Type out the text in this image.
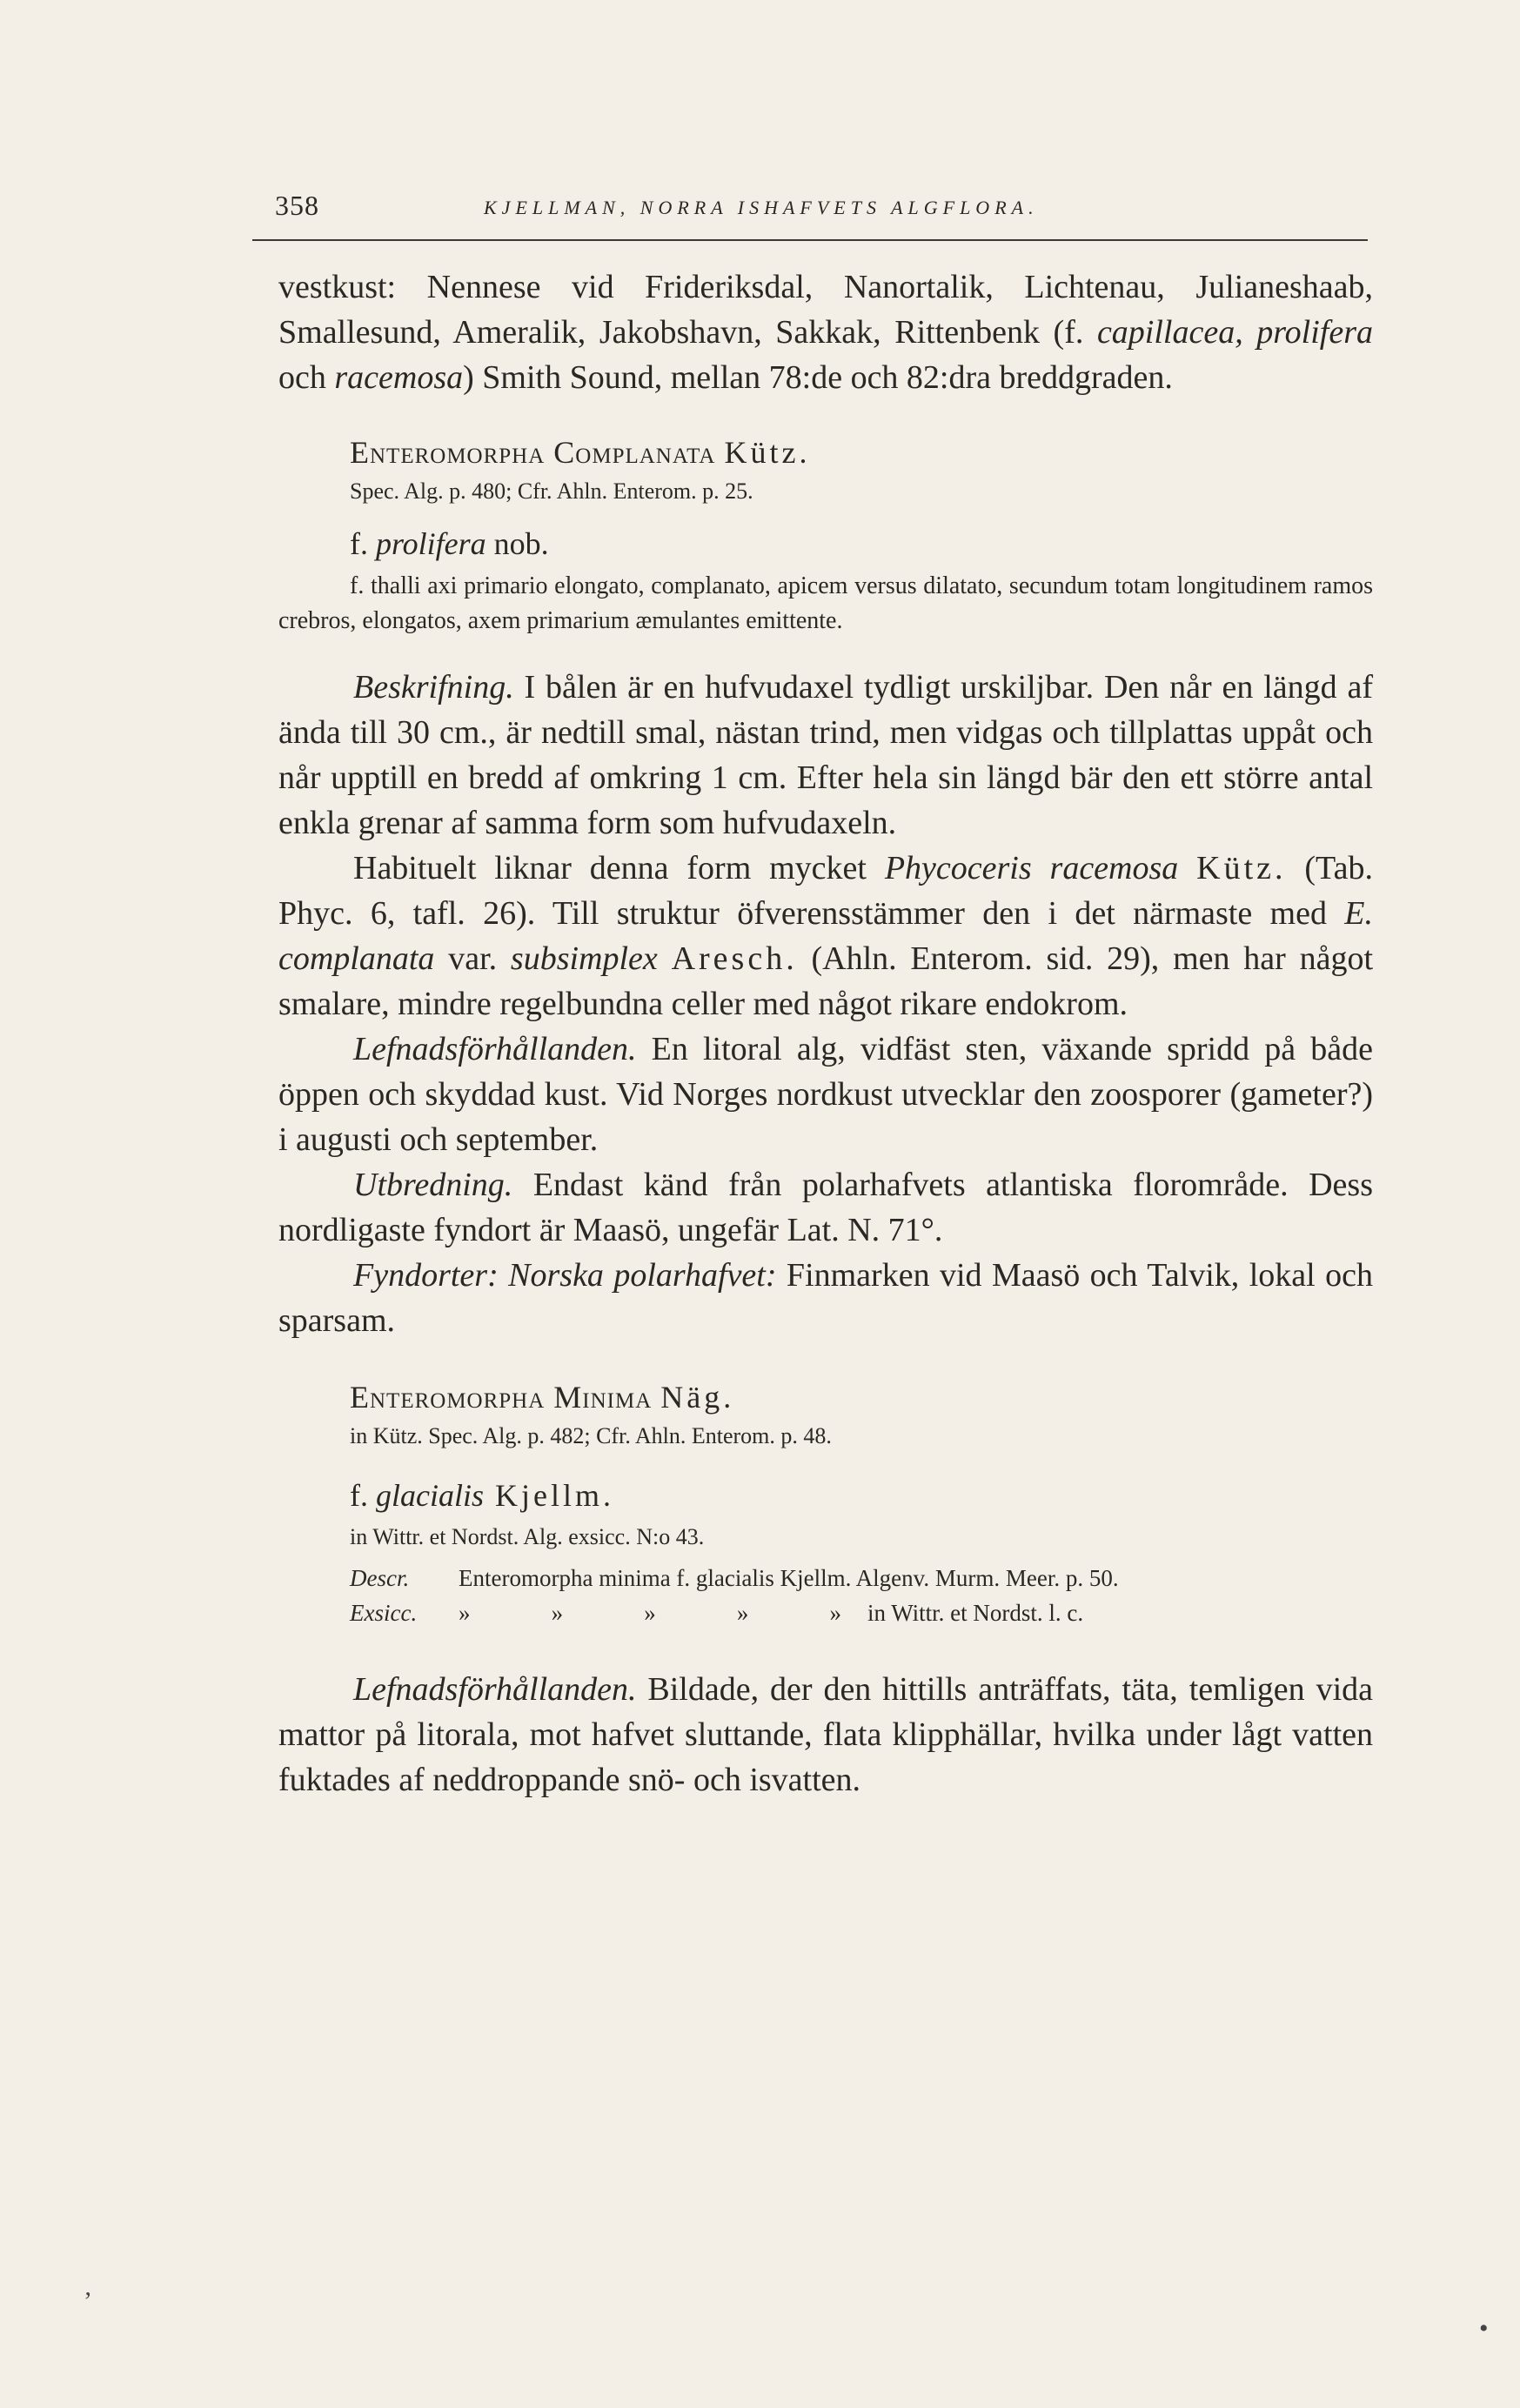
358	KJELLMAN, NORRA ISHAFVETS ALGFLORA.

vestkust: Nennese vid Frideriksdal, Nanortalik, Lichtenau, Julianeshaab, Smallesund, Ameralik, Jakobshavn, Sakkak, Rittenbenk (f. capillacea, prolifera och racemosa) Smith Sound, mellan 78:de och 82:dra breddgraden.

Enteromorpha Complanata Kütz.

Spec. Alg. p. 480; Cfr. Ahln. Enterom. p. 25.

f. prolifera nob.

f. thalli axi primario elongato, complanato, apicem versus dilatato, secundum totam longitudinem ramos crebros, elongatos, axem primarium æmulantes emittente.

Beskrifning. I bålen är en hufvudaxel tydligt urskiljbar. Den når en längd af ända till 30 cm., är nedtill smal, nästan trind, men vidgas och tillplattas uppåt och når upptill en bredd af omkring 1 cm. Efter hela sin längd bär den ett större antal enkla grenar af samma form som hufvudaxeln.

Habituelt liknar denna form mycket Phycoceris racemosa Kütz. (Tab. Phyc. 6, tafl. 26). Till struktur öfverensstämmer den i det närmaste med E. complanata var. subsimplex Aresch. (Ahln. Enterom. sid. 29), men har något smalare, mindre regelbundna celler med något rikare endokrom.

Lefnadsförhållanden. En litoral alg, vidfäst sten, växande spridd på både öppen och skyddad kust. Vid Norges nordkust utvecklar den zoosporer (gameter?) i augusti och september.

Utbredning. Endast känd från polarhafvets atlantiska florområde. Dess nordligaste fyndort är Maasö, ungefär Lat. N. 71°.

Fyndorter: Norska polarhafvet: Finmarken vid Maasö och Talvik, lokal och sparsam.

Enteromorpha Minima Näg.

in Kütz. Spec. Alg. p. 482; Cfr. Ahln. Enterom. p. 48.

f. glacialis Kjellm.

in Wittr. et Nordst. Alg. exsicc. N:o 43.

Descr.	Enteromorpha minima f. glacialis Kjellm. Algenv. Murm. Meer. p. 50.

Exsicc.	»	»	»	»	» in Wittr. et Nordst. l. c.

Lefnadsförhållanden. Bildade, der den hittills anträffats, täta, temligen vida mattor på litorala, mot hafvet sluttande, flata klipphällar, hvilka under lågt vatten fuktades af neddroppande snö- och isvatten.

‚
•
